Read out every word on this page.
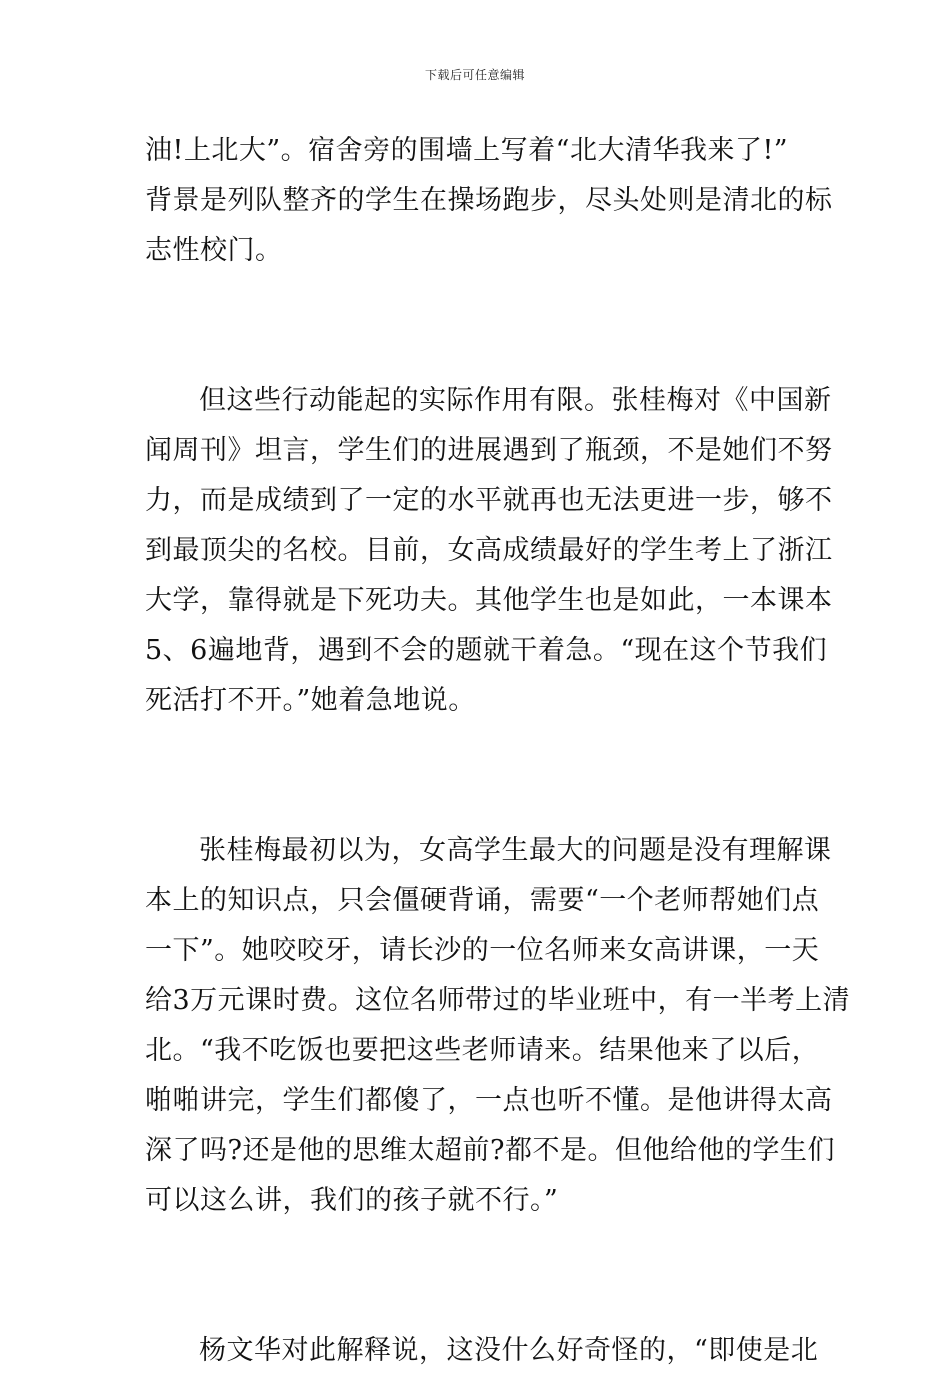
下载后可任意编辑

油!上北大”。宿舍旁的围墙上写着“北大清华我来了!”
背景是列队整齐的学生在操场跑步，尽头处则是清北的标
志性校门。

但这些行动能起的实际作用有限。张桂梅对《中国新
闻周刊》坦言，学生们的进展遇到了瓶颈，不是她们不努
力，而是成绩到了一定的水平就再也无法更进一步，够不
到最顶尖的名校。目前，女高成绩最好的学生考上了浙江
大学，靠得就是下死功夫。其他学生也是如此，一本课本
5、6遍地背，遇到不会的题就干着急。“现在这个节我们
死活打不开。”她着急地说。

张桂梅最初以为，女高学生最大的问题是没有理解课
本上的知识点，只会僵硬背诵，需要“一个老师帮她们点
一下”。她咬咬牙，请长沙的一位名师来女高讲课，一天
给3万元课时费。这位名师带过的毕业班中，有一半考上清
北。“我不吃饭也要把这些老师请来。结果他来了以后，
啪啪讲完，学生们都傻了，一点也听不懂。是他讲得太高
深了吗?还是他的思维太超前?都不是。但他给他的学生们
可以这么讲，我们的孩子就不行。”

杨文华对此解释说，这没什么好奇怪的，“即使是北
